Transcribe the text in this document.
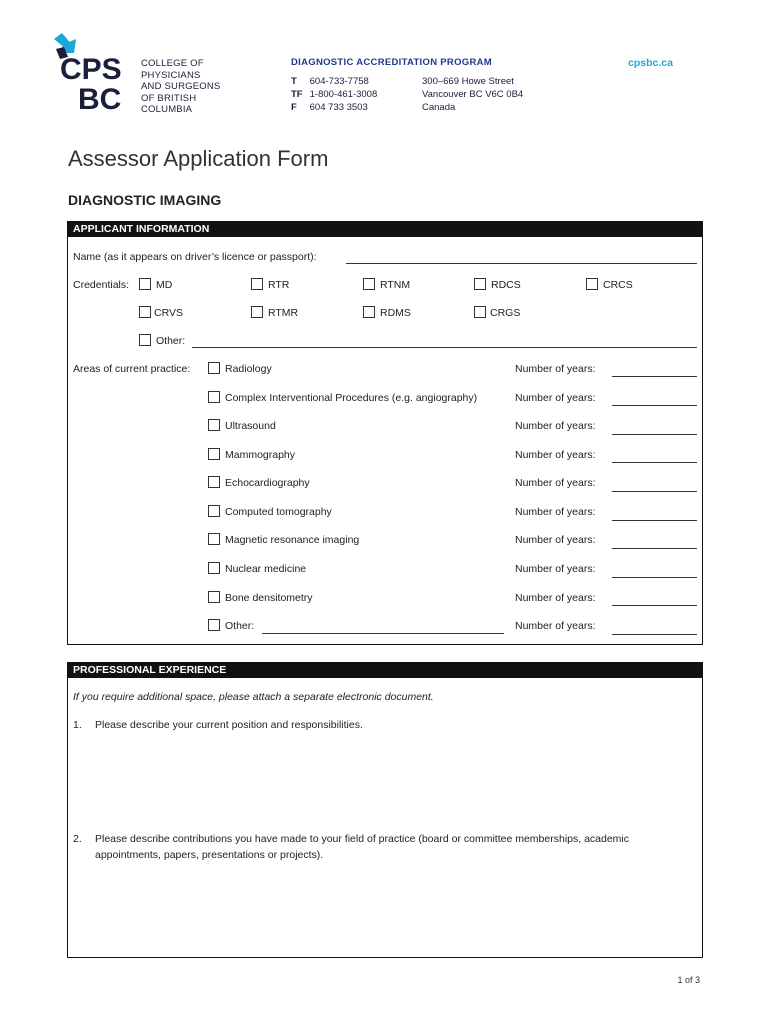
CPS
BC
COLLEGE OF
PHYSICIANS
AND SURGEONS
OF BRITISH
COLUMBIA
DIAGNOSTIC ACCREDITATION PROGRAM
T 604-733-7758
TF 1-800-461-3008
F 604 733 3503
300–669 Howe Street
Vancouver BC V6C 0B4
Canada
cpsbc.ca
Assessor Application Form
DIAGNOSTIC IMAGING
APPLICANT INFORMATION
Name (as it appears on driver’s licence or passport):
Credentials:	MD	RTR	RTNM	RDCS	CRCS
CRVS	RTMR	RDMS	CRGS
Other:
Areas of current practice:	Radiology	Number of years:
Complex Interventional Procedures (e.g. angiography)	Number of years:
Ultrasound	Number of years:
Mammography	Number of years:
Echocardiography	Number of years:
Computed tomography	Number of years:
Magnetic resonance imaging	Number of years:
Nuclear medicine	Number of years:
Bone densitometry	Number of years:
Other:	Number of years:
PROFESSIONAL EXPERIENCE
If you require additional space, please attach a separate electronic document.
1. Please describe your current position and responsibilities.
2. Please describe contributions you have made to your field of practice (board or committee memberships, academic
appointments, papers, presentations or projects).
1 of 3
